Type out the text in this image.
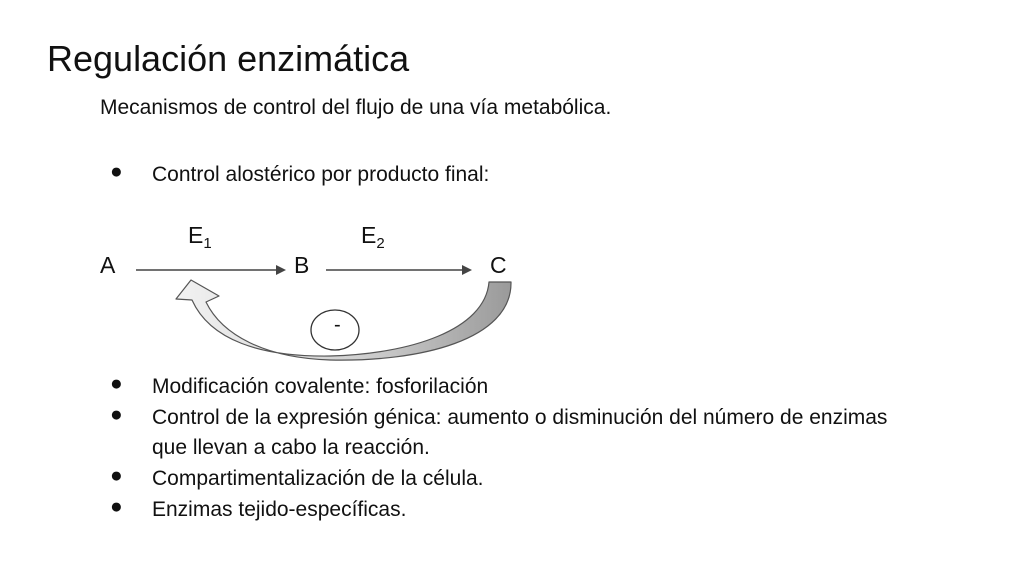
Regulación enzimática
Mecanismos de control del flujo de una vía metabólica.
●	Control alostérico por producto final:
-
$E_1$	$E_2$
A	B	C
●	Modificación covalente: fosforilación
●	Control de la expresión génica: aumento o disminución del número de enzimas que llevan a cabo la reacción.
●	Compartimentalización de la célula.
●	Enzimas tejido-específicas.
